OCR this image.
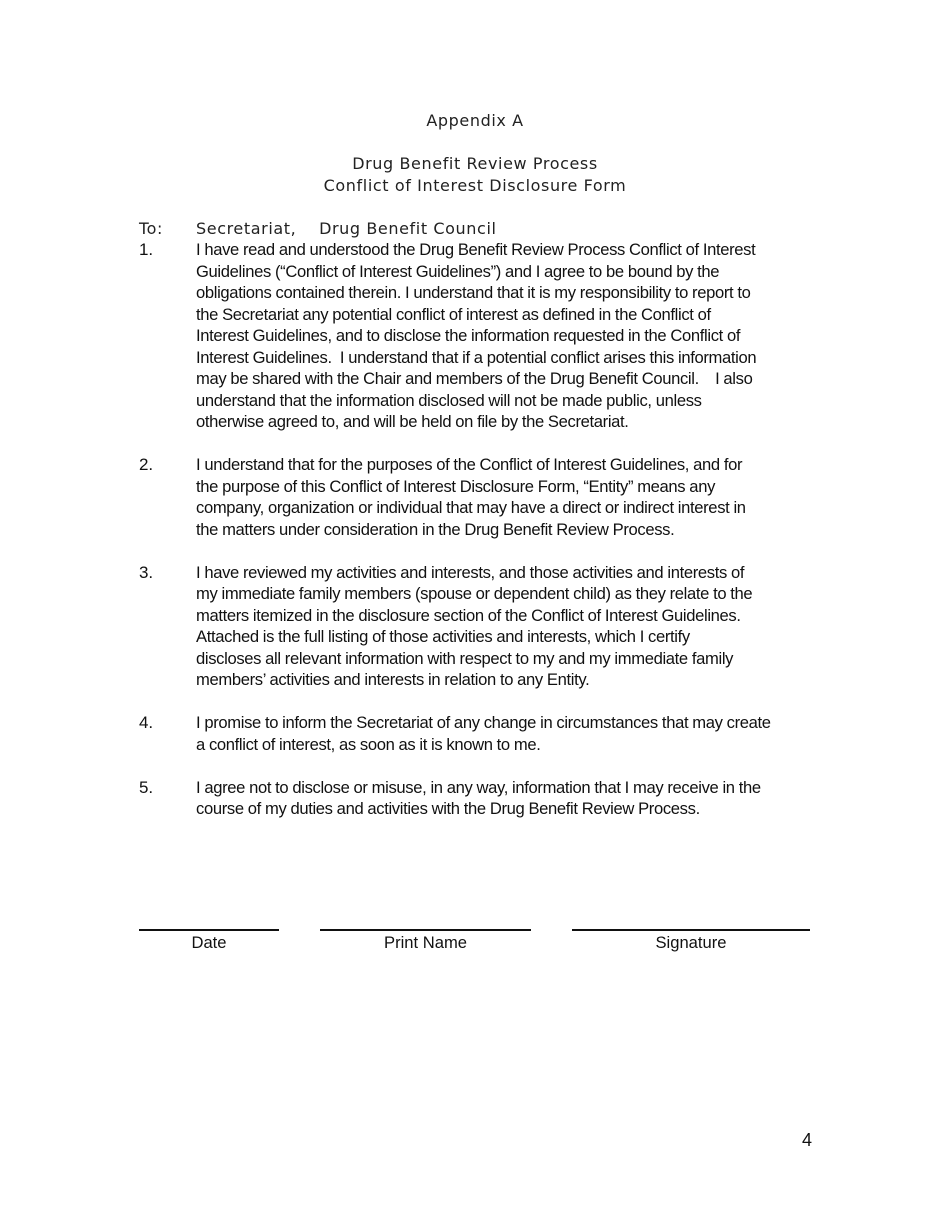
Appendix A
Drug Benefit Review Process
Conflict of Interest Disclosure Form
To: Secretariat,    Drug Benefit Council
1.	I have read and understood the Drug Benefit Review Process Conflict of Interest
Guidelines (“Conflict of Interest Guidelines”) and I agree to be bound by the
obligations contained therein. I understand that it is my responsibility to report to
the Secretariat any potential conflict of interest as defined in the Conflict of
Interest Guidelines, and to disclose the information requested in the Conflict of
Interest Guidelines.  I understand that if a potential conflict arises this information
may be shared with the Chair and members of the Drug Benefit Council.    I also
understand that the information disclosed will not be made public, unless
otherwise agreed to, and will be held on file by the Secretariat.
2.	I understand that for the purposes of the Conflict of Interest Guidelines, and for
the purpose of this Conflict of Interest Disclosure Form, “Entity” means any
company, organization or individual that may have a direct or indirect interest in
the matters under consideration in the Drug Benefit Review Process.
3.	I have reviewed my activities and interests, and those activities and interests of
my immediate family members (spouse or dependent child) as they relate to the
matters itemized in the disclosure section of the Conflict of Interest Guidelines.
Attached is the full listing of those activities and interests, which I certify
discloses all relevant information with respect to my and my immediate family
members’ activities and interests in relation to any Entity.
4.	I promise to inform the Secretariat of any change in circumstances that may create
a conflict of interest, as soon as it is known to me.
5.	I agree not to disclose or misuse, in any way, information that I may receive in the
course of my duties and activities with the Drug Benefit Review Process.
Date	Print Name	Signature
4
